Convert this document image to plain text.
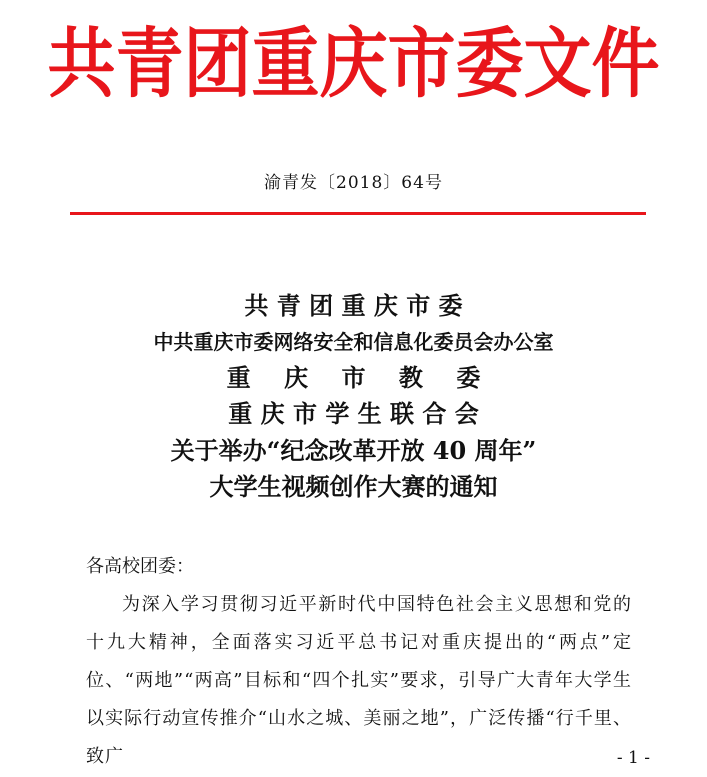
共青团重庆市委文件
渝青发〔2018〕64号
共 青 团 重 庆 市 委
中共重庆市委网络安全和信息化委员会办公室
重    庆    市    教    委
重 庆 市 学 生 联 合 会
关于举办“纪念改革开放 40 周年”
大学生视频创作大赛的通知
各高校团委：
为深入学习贯彻习近平新时代中国特色社会主义思想和党的十九大精神，全面落实习近平总书记对重庆提出的“两点”定位、“两地”“两高”目标和“四个扎实”要求，引导广大青年大学生以实际行动宣传推介“山水之城、美丽之地”，广泛传播“行千里、致广	- 1 -
